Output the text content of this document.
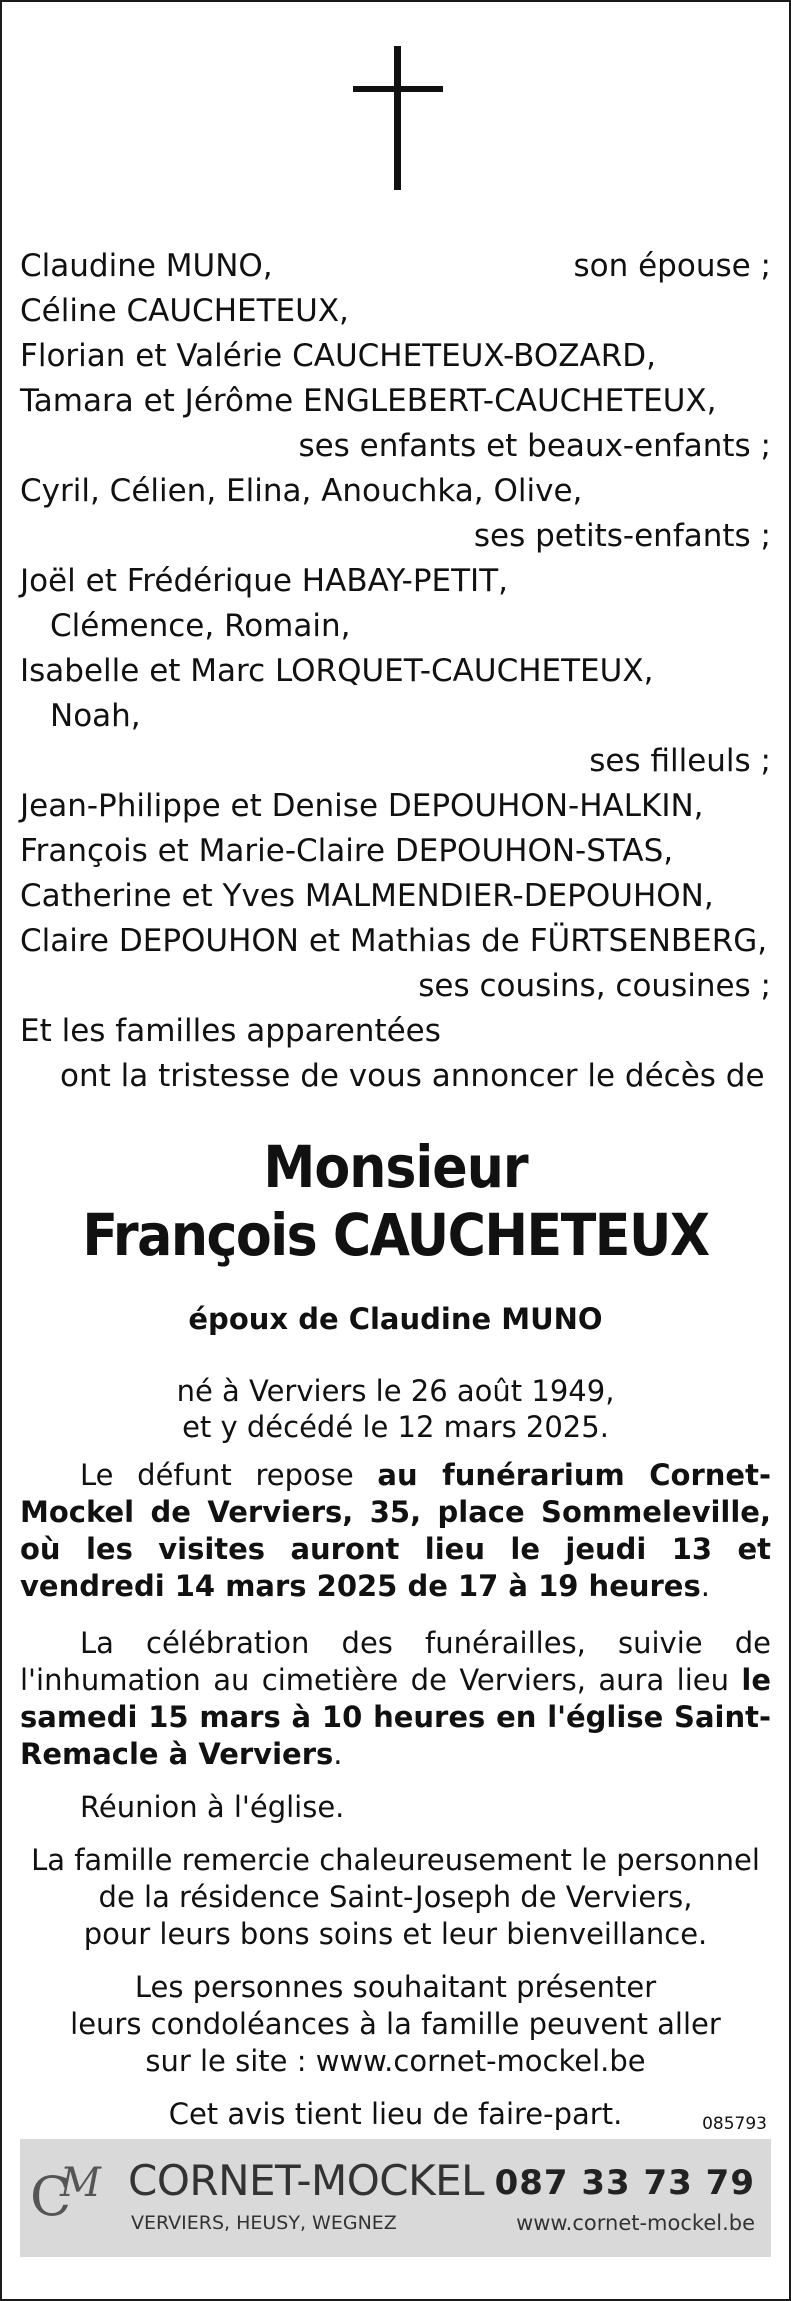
Claudine MUNO,	son épouse ;
Céline CAUCHETEUX,
Florian et Valérie CAUCHETEUX-BOZARD,
Tamara et Jérôme ENGLEBERT-CAUCHETEUX,
ses enfants et beaux-enfants ;
Cyril, Célien, Elina, Anouchka, Olive,
ses petits-enfants ;
Joël et Frédérique HABAY-PETIT,
Clémence, Romain,
Isabelle et Marc LORQUET-CAUCHETEUX,
Noah,
ses filleuls ;
Jean-Philippe et Denise DEPOUHON-HALKIN,
François et Marie-Claire DEPOUHON-STAS,
Catherine et Yves MALMENDIER-DEPOUHON,
Claire DEPOUHON et Mathias de FÜRTSENBERG,
ses cousins, cousines ;
Et les familles apparentées
ont la tristesse de vous annoncer le décès de
Monsieur
François CAUCHETEUX
époux de Claudine MUNO
né à Verviers le 26 août 1949,
et y décédé le 12 mars 2025.
Le défunt repose au funérarium Cornet-Mockel de Verviers, 35, place Sommeleville, où les visites auront lieu le jeudi 13 et vendredi 14 mars 2025 de 17 à 19 heures.
La célébration des funérailles, suivie de l'inhumation au cimetière de Verviers, aura lieu le samedi 15 mars à 10 heures en l'église Saint-Remacle à Verviers.
Réunion à l'église.
La famille remercie chaleureusement le personnel
de la résidence Saint-Joseph de Verviers,
pour leurs bons soins et leur bienveillance.
Les personnes souhaitant présenter
leurs condoléances à la famille peuvent aller
sur le site : www.cornet-mockel.be
Cet avis tient lieu de faire-part.	085793
C
M CORNET-MOCKEL
VERVIERS, HEUSY, WEGNEZ
087 33 73 79
www.cornet-mockel.be
